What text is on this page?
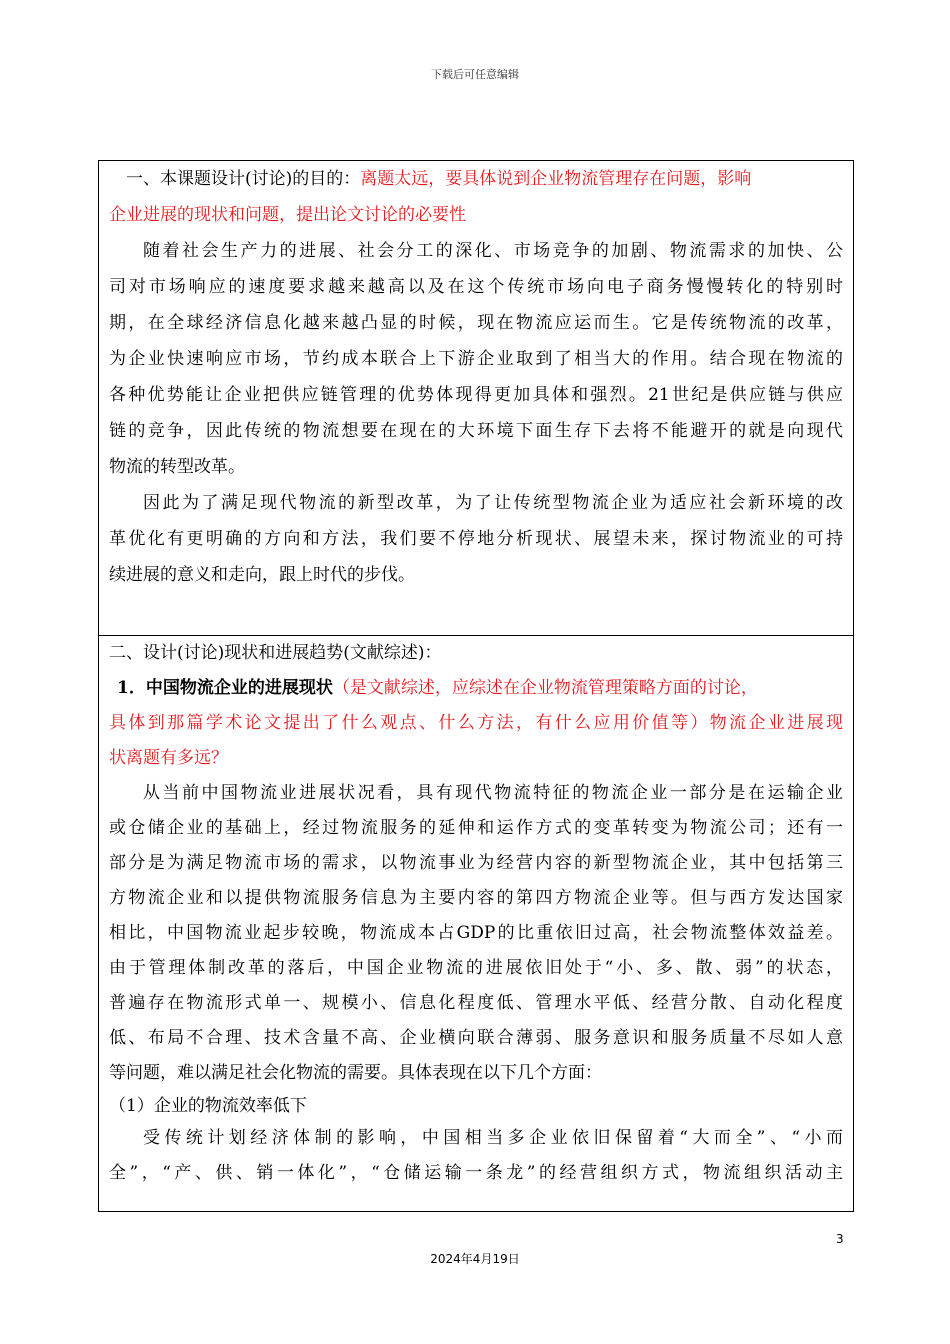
下载后可任意编辑

一、本课题设计(讨论)的目的：离题太远，要具体说到企业物流管理存在问题，影响

企业进展的现状和问题，提出论文讨论的必要性

随着社会生产力的进展、社会分工的深化、市场竞争的加剧、物流需求的加快、公

司对市场响应的速度要求越来越高以及在这个传统市场向电子商务慢慢转化的特别时

期，在全球经济信息化越来越凸显的时候，现在物流应运而生。它是传统物流的改革，

为企业快速响应市场，节约成本联合上下游企业取到了相当大的作用。结合现在物流的

各种优势能让企业把供应链管理的优势体现得更加具体和强烈。21世纪是供应链与供应

链的竞争，因此传统的物流想要在现在的大环境下面生存下去将不能避开的就是向现代

物流的转型改革。

因此为了满足现代物流的新型改革，为了让传统型物流企业为适应社会新环境的改

革优化有更明确的方向和方法，我们要不停地分析现状、展望未来，探讨物流业的可持

续进展的意义和走向，跟上时代的步伐。

二、设计(讨论)现状和进展趋势(文献综述)：

1．中国物流企业的进展现状（是文献综述，应综述在企业物流管理策略方面的讨论，

具体到那篇学术论文提出了什么观点、什么方法，有什么应用价值等）物流企业进展现

状离题有多远？

从当前中国物流业进展状况看，具有现代物流特征的物流企业一部分是在运输企业

或仓储企业的基础上，经过物流服务的延伸和运作方式的变革转变为物流公司；还有一

部分是为满足物流市场的需求，以物流事业为经营内容的新型物流企业，其中包括第三

方物流企业和以提供物流服务信息为主要内容的第四方物流企业等。但与西方发达国家

相比，中国物流业起步较晚，物流成本占GDP的比重依旧过高，社会物流整体效益差。

由于管理体制改革的落后，中国企业物流的进展依旧处于“小、多、散、弱”的状态，

普遍存在物流形式单一、规模小、信息化程度低、管理水平低、经营分散、自动化程度

低、布局不合理、技术含量不高、企业横向联合薄弱、服务意识和服务质量不尽如人意

等问题，难以满足社会化物流的需要。具体表现在以下几个方面：

（1）企业的物流效率低下

受传统计划经济体制的影响，中国相当多企业依旧保留着“大而全”、“小而

全”，“产、供、销一体化”，“仓储运输一条龙”的经营组织方式，物流组织活动主

3
2024年4月19日
